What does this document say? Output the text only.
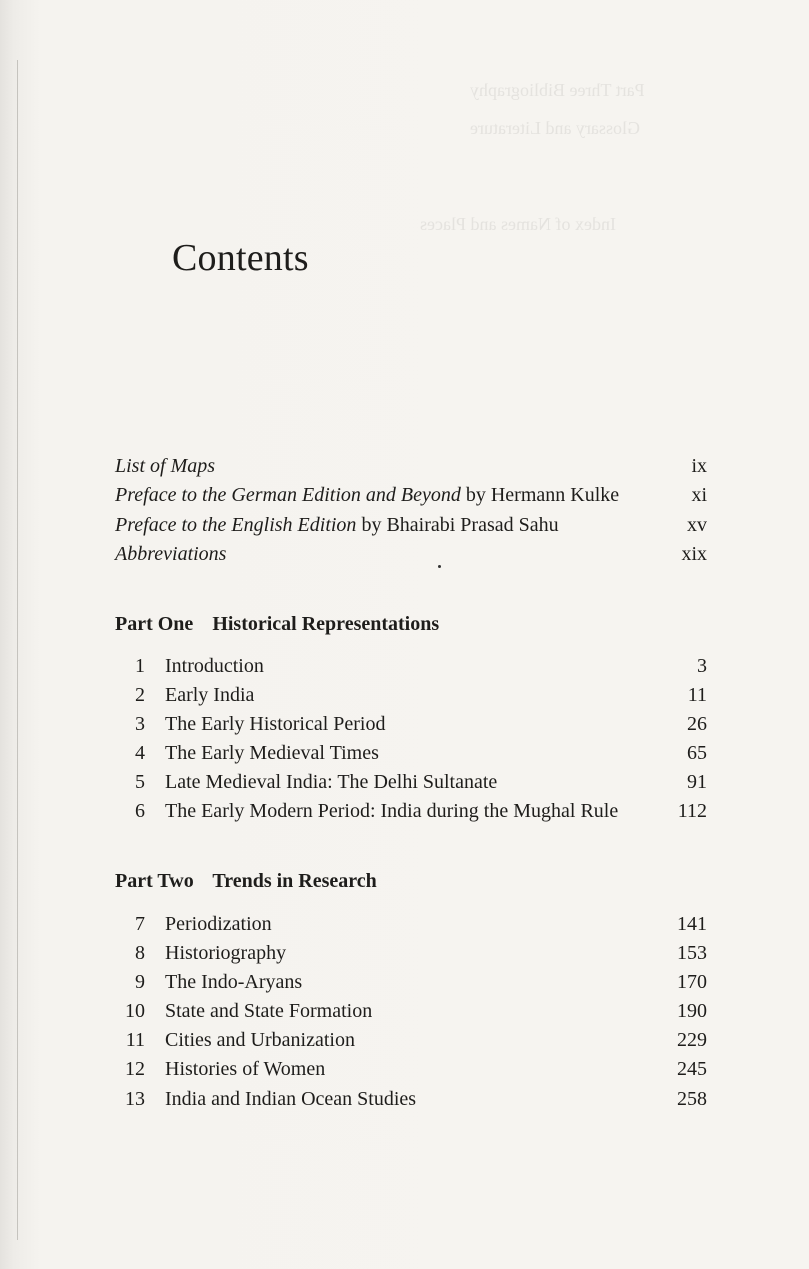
Part Three Bibliography
Glossary and Literature
Index of Names and Places
Contents
List of Maps	ix
Preface to the German Edition and Beyond by Hermann Kulke	xi
Preface to the English Edition by Bhairabi Prasad Sahu	xv
Abbreviations	xix
Part One Historical Representations
1	Introduction	3
2	Early India	11
3	The Early Historical Period	26
4	The Early Medieval Times	65
5	Late Medieval India: The Delhi Sultanate	91
6	The Early Modern Period: India during the Mughal Rule	112
Part Two Trends in Research
7	Periodization	141
8	Historiography	153
9	The Indo-Aryans	170
10	State and State Formation	190
11	Cities and Urbanization	229
12	Histories of Women	245
13	India and Indian Ocean Studies	258
